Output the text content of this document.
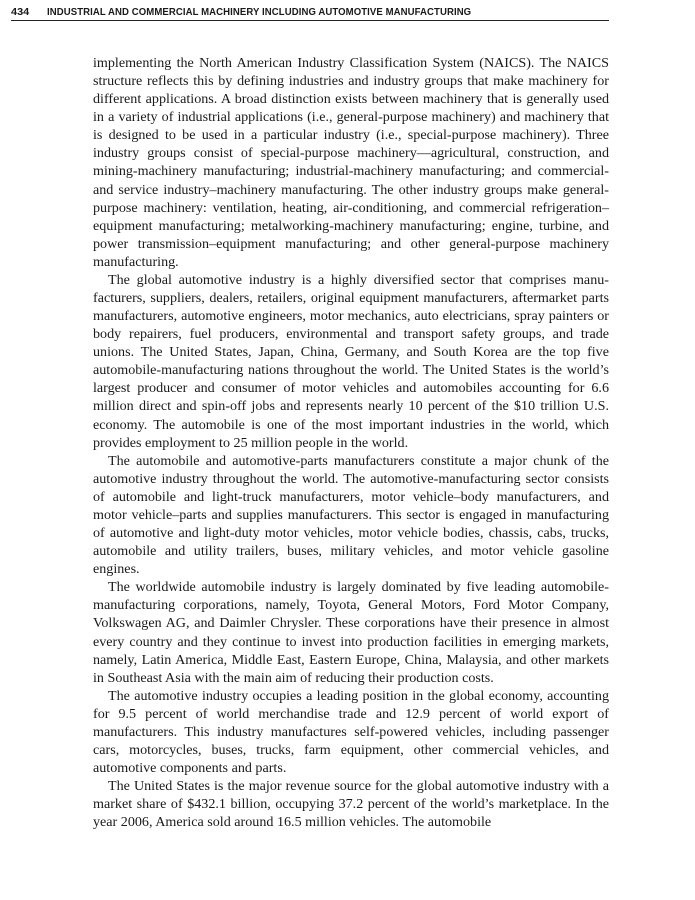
434 INDUSTRIAL AND COMMERCIAL MACHINERY INCLUDING AUTOMOTIVE MANUFACTURING

implementing the North American Industry Classification System (NAICS). The NAICS structure reflects this by defining industries and industry groups that make machinery for different applications. A broad distinction exists between machinery that is generally used in a variety of industrial applications (i.e., general-purpose machinery) and machinery that is designed to be used in a particular industry (i.e., special-purpose machinery). Three industry groups consist of special-purpose machinery—agricultural, construction, and mining-machinery manufacturing; industrial-machinery manufacturing; and commercial- and service industry–machinery manufacturing. The other industry groups make general-purpose machinery: ventilation, heating, air-conditioning, and commercial refrigeration–equipment manufacturing; metalworking-machinery manufacturing; engine, turbine, and power transmission–equipment manufacturing; and other general-purpose machinery manufacturing.

The global automotive industry is a highly diversified sector that comprises manufacturers, suppliers, dealers, retailers, original equipment manufacturers, aftermarket parts manufacturers, automotive engineers, motor mechanics, auto electricians, spray painters or body repairers, fuel producers, environmental and transport safety groups, and trade unions. The United States, Japan, China, Germany, and South Korea are the top five automobile-manufacturing nations throughout the world. The United States is the world’s largest producer and consumer of motor vehicles and automobiles accounting for 6.6 million direct and spin-off jobs and represents nearly 10 percent of the $10 trillion U.S. economy. The automobile is one of the most important industries in the world, which provides employment to 25 million people in the world.

The automobile and automotive-parts manufacturers constitute a major chunk of the automotive industry throughout the world. The automotive-manufacturing sector consists of automobile and light-truck manufacturers, motor vehicle–body manufacturers, and motor vehicle–parts and supplies manufacturers. This sector is engaged in manufacturing of automotive and light-duty motor vehicles, motor vehicle bodies, chassis, cabs, trucks, automobile and utility trailers, buses, military vehicles, and motor vehicle gasoline engines.

The worldwide automobile industry is largely dominated by five leading automobile-manufacturing corporations, namely, Toyota, General Motors, Ford Motor Company, Volkswagen AG, and Daimler Chrysler. These corporations have their presence in almost every country and they continue to invest into production facilities in emerging markets, namely, Latin America, Middle East, Eastern Europe, China, Malaysia, and other markets in Southeast Asia with the main aim of reducing their production costs.

The automotive industry occupies a leading position in the global economy, accounting for 9.5 percent of world merchandise trade and 12.9 percent of world export of manufacturers. This industry manufactures self-powered vehicles, including passenger cars, motorcycles, buses, trucks, farm equipment, other commercial vehicles, and automotive components and parts.

The United States is the major revenue source for the global automotive industry with a market share of $432.1 billion, occupying 37.2 percent of the world’s marketplace. In the year 2006, America sold around 16.5 million vehicles. The automobile
